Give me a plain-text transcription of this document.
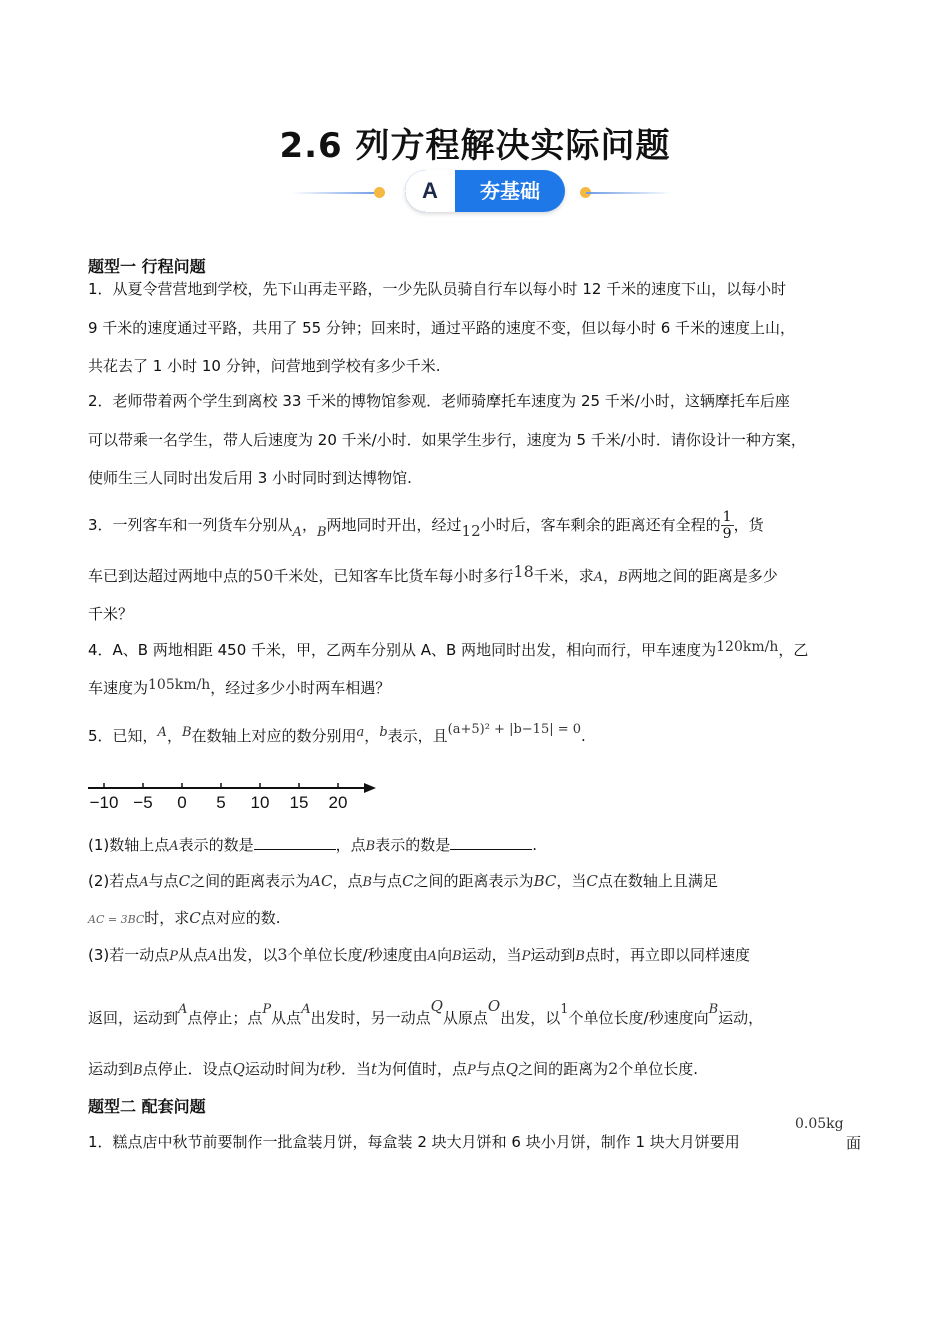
2.6 列方程解决实际问题
A	夯基础
题型一 行程问题
1．从夏令营营地到学校，先下山再走平路，一少先队员骑自行车以每小时 12 千米的速度下山，以每小时
9 千米的速度通过平路，共用了 55 分钟；回来时，通过平路的速度不变，但以每小时 6 千米的速度上山，
共花去了 1 小时 10 分钟，问营地到学校有多少千米.
2．老师带着两个学生到离校 33 千米的博物馆参观．老师骑摩托车速度为 25 千米/小时，这辆摩托车后座
可以带乘一名学生，带人后速度为 20 千米/小时．如果学生步行，速度为 5 千米/小时．请你设计一种方案，
使师生三人同时出发后用 3 小时同时到达博物馆.
3．一列客车和一列货车分别从A，B两地同时开出，经过12小时后，客车剩余的距离还有全程的 $\frac{1}{9}$ ，货
车已到达超过两地中点的50千米处，已知客车比货车每小时多行18千米，求A，B两地之间的距离是多少
千米？
4．A、B 两地相距 450 千米，甲，乙两车分别从 A、B 两地同时出发，相向而行，甲车速度为120km/h，乙
车速度为105km/h，经过多少小时两车相遇？
5．已知，A，B在数轴上对应的数分别用a，b表示，且(a+5)² + |b−15| = 0.
−10 −5 0 5 10 15 20
(1)数轴上点A表示的数是	，点B表示的数是	.
(2)若点A与点C之间的距离表示为AC，点B与点C之间的距离表示为BC，当C点在数轴上且满足
AC = 3BC时，求C点对应的数.
(3)若一动点P从点A出发，以3个单位长度/秒速度由A向B运动，当P运动到B点时，再立即以同样速度
返回，运动到A点停止；点P从点A出发时，另一动点Q从原点O出发，以1个单位长度/秒速度向B运动，
运动到B点停止．设点Q运动时间为t秒．当t为何值时，点P与点Q之间的距离为2个单位长度.
题型二 配套问题
1．糕点店中秋节前要制作一批盒装月饼，每盒装 2 块大月饼和 6 块小月饼，制作 1 块大月饼要用
0.05kg
面
